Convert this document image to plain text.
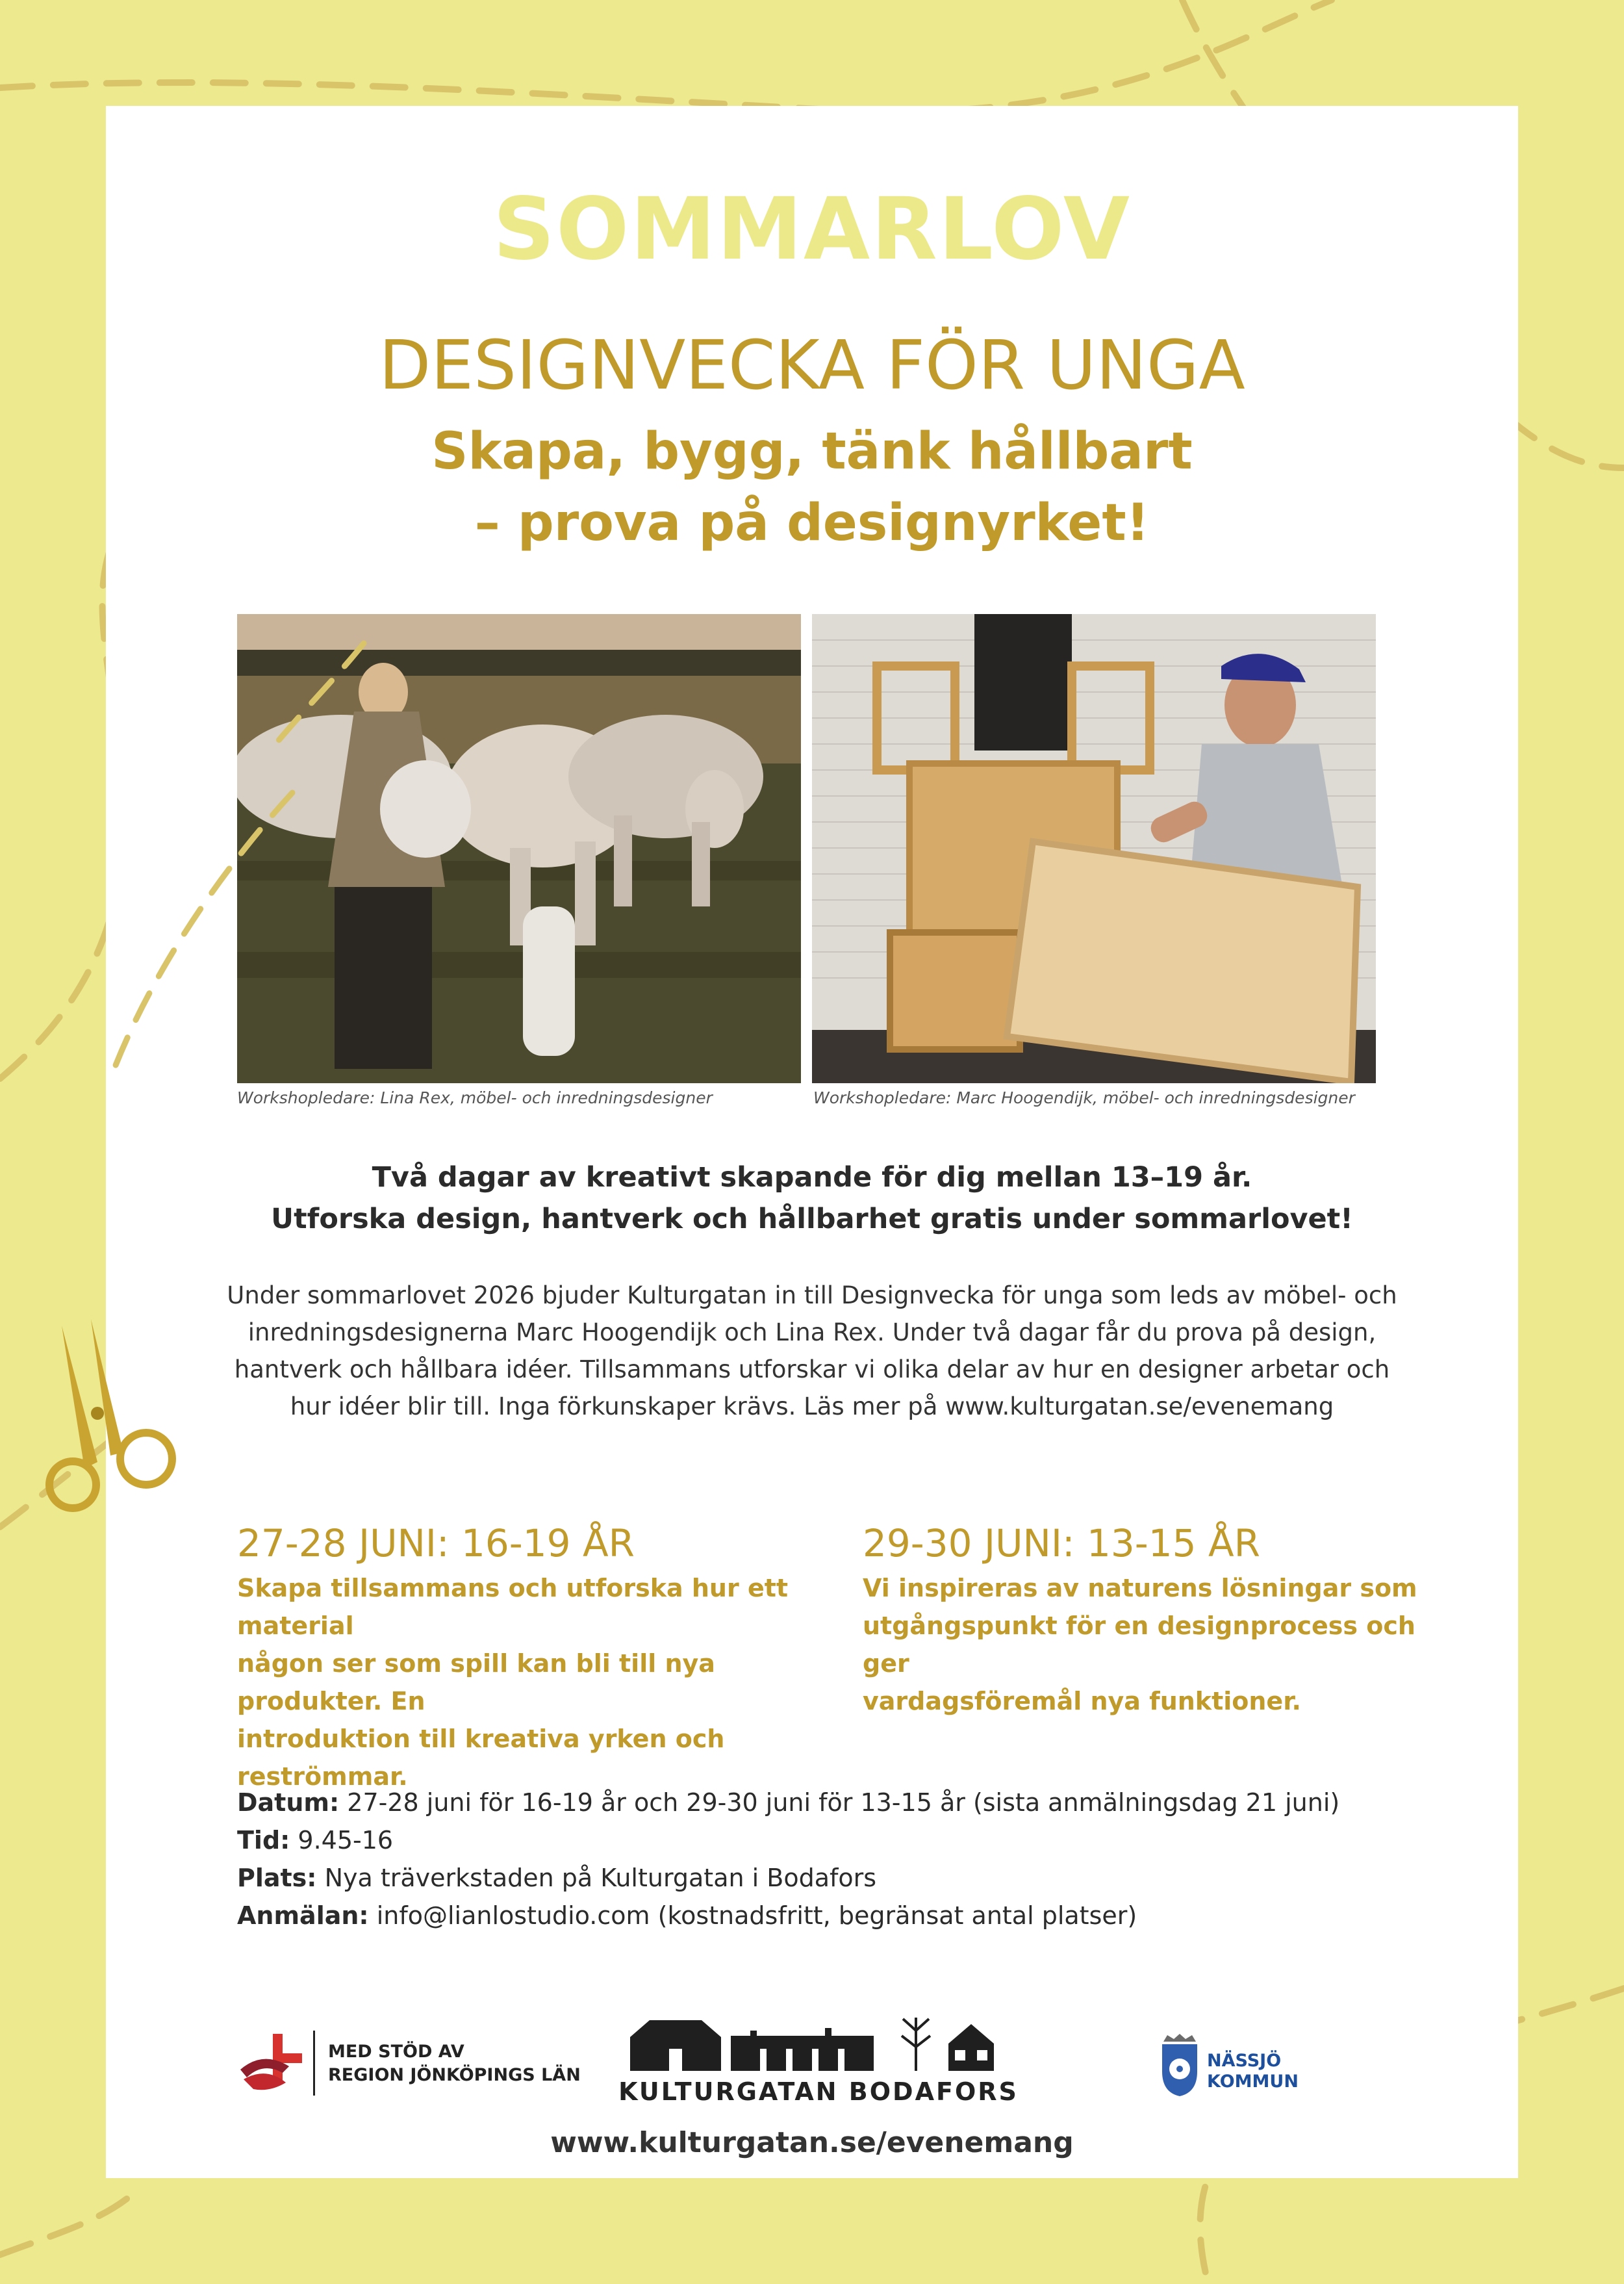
SOMMARLOV
DESIGNVECKA FÖR UNGA
Skapa, bygg, tänk hållbart
– prova på designyrket!
Workshopledare: Lina Rex, möbel- och inredningsdesigner	Workshopledare: Marc Hoogendijk, möbel- och inredningsdesigner
Två dagar av kreativt skapande för dig mellan 13–19 år.
Utforska design, hantverk och hållbarhet gratis under sommarlovet!
Under sommarlovet 2026 bjuder Kulturgatan in till Designvecka för unga som leds av möbel- och
inredningsdesignerna Marc Hoogendijk och Lina Rex. Under två dagar får du prova på design,
hantverk och hållbara idéer. Tillsammans utforskar vi olika delar av hur en designer arbetar och
hur idéer blir till. Inga förkunskaper krävs. Läs mer på www.kulturgatan.se/evenemang
27-28 JUNI: 16-19 ÅR
Skapa tillsammans och utforska hur ett material
någon ser som spill kan bli till nya produkter. En
introduktion till kreativa yrken och reströmmar.
29-30 JUNI: 13-15 ÅR
Vi inspireras av naturens lösningar som
utgångspunkt för en designprocess och ger
vardagsföremål nya funktioner.
Datum: 27-28 juni för 16-19 år och 29-30 juni för 13-15 år (sista anmälningsdag 21 juni)
Tid: 9.45-16
Plats: Nya träverkstaden på Kulturgatan i Bodafors
Anmälan: info@lianlostudio.com (kostnadsfritt, begränsat antal platser)
MED STÖD AV
REGION JÖNKÖPINGS LÄN
KULTURGATAN BODAFORS
www.kulturgatan.se/evenemang
NÄSSJÖ
KOMMUN
